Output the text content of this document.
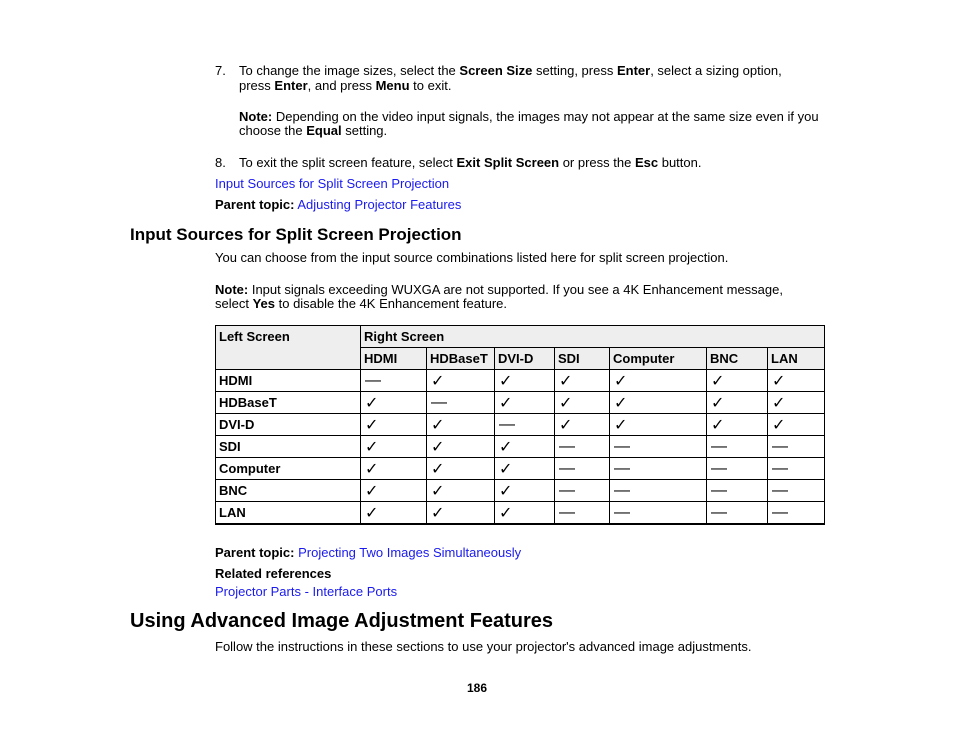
7. To change the image sizes, select the Screen Size setting, press Enter, select a sizing option,
press Enter, and press Menu to exit.
Note: Depending on the video input signals, the images may not appear at the same size even if you
choose the Equal setting.
8. To exit the split screen feature, select Exit Split Screen or press the Esc button.
Input Sources for Split Screen Projection
Parent topic: Adjusting Projector Features
Input Sources for Split Screen Projection
You can choose from the input source combinations listed here for split screen projection.
Note: Input signals exceeding WUXGA are not supported. If you see a 4K Enhancement message,
select Yes to disable the 4K Enhancement feature.
Left Screen	Right Screen						
	HDMI	HDBaseT	DVI-D	SDI	Computer	BNC	LAN
HDMI	—	✓	✓	✓	✓	✓	✓
HDBaseT	✓	—	✓	✓	✓	✓	✓
DVI-D	✓	✓	—	✓	✓	✓	✓
SDI	✓	✓	✓	—	—	—	—
Computer	✓	✓	✓	—	—	—	—
BNC	✓	✓	✓	—	—	—	—
LAN	✓	✓	✓	—	—	—	—
Parent topic: Projecting Two Images Simultaneously
Related references
Projector Parts - Interface Ports
Using Advanced Image Adjustment Features
Follow the instructions in these sections to use your projector's advanced image adjustments.
186
